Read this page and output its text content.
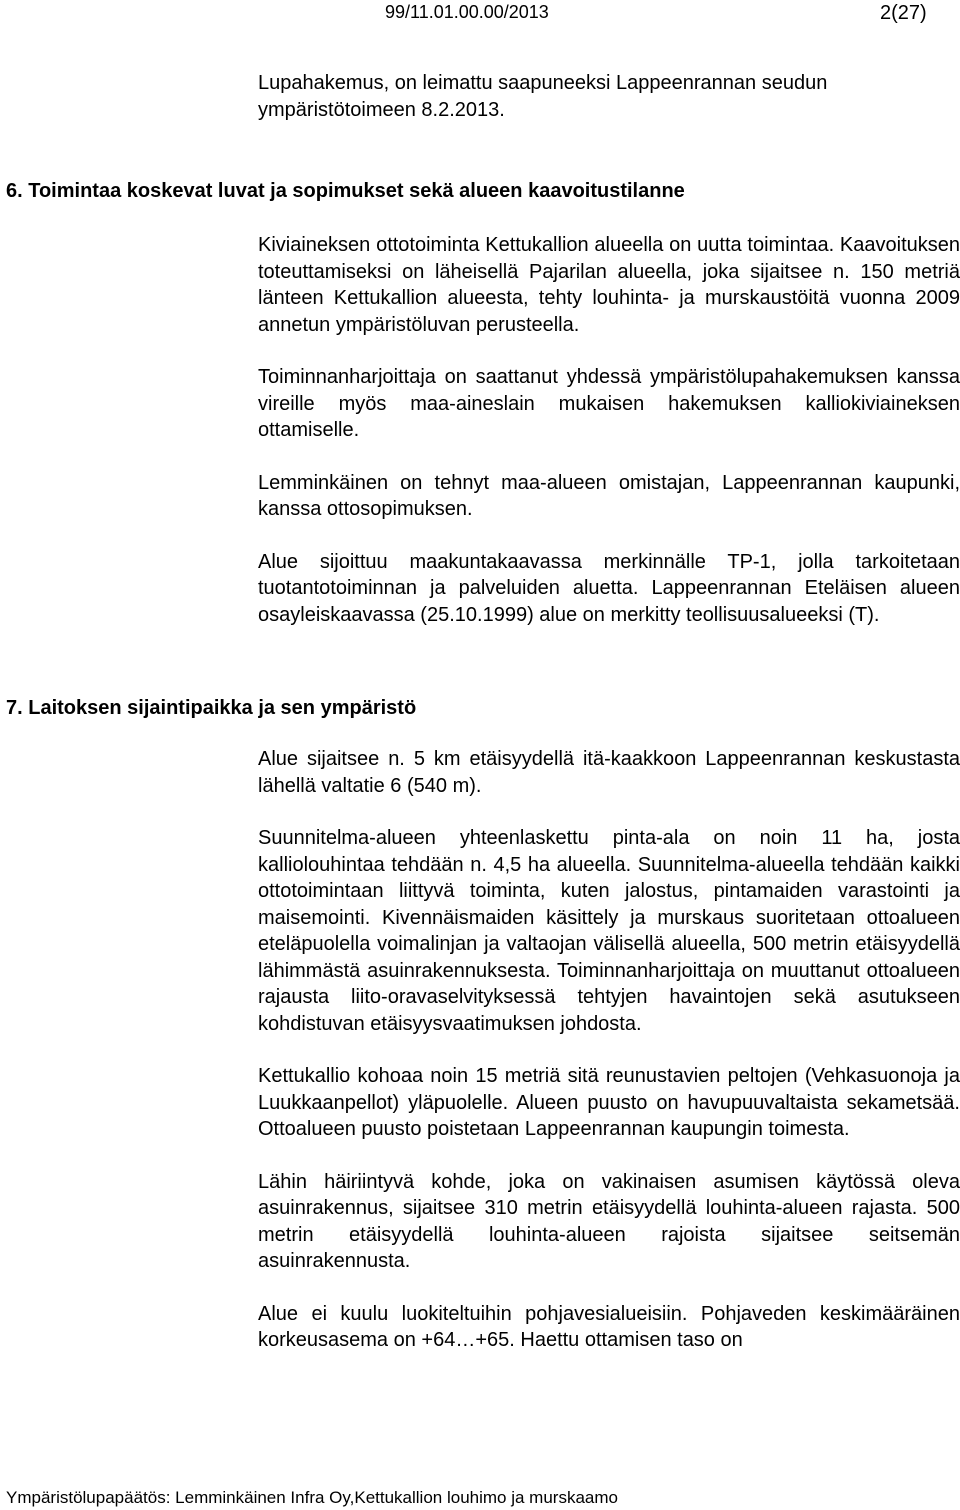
99/11.01.00.00/2013	2(27)
Lupahakemus, on leimattu saapuneeksi Lappeenrannan seudun ympäristötoimeen 8.2.2013.
6. Toimintaa koskevat luvat ja sopimukset sekä alueen kaavoitustilanne

Kiviaineksen ottotoiminta Kettukallion alueella on uutta toimintaa. Kaavoituksen toteuttamiseksi on läheisellä Pajarilan alueella, joka sijaitsee n. 150 metriä länteen Kettukallion alueesta, tehty louhinta- ja murskaustöitä vuonna 2009 annetun ympäristöluvan perusteella.

Toiminnanharjoittaja on saattanut yhdessä ympäristölupahakemuksen kanssa vireille myös maa-aineslain mukaisen hakemuksen kalliokiviaineksen ottamiselle.

Lemminkäinen on tehnyt maa-alueen omistajan, Lappeenrannan kaupunki, kanssa ottosopimuksen.

Alue sijoittuu maakuntakaavassa merkinnälle TP-1, jolla tarkoitetaan tuotantotoiminnan ja palveluiden aluetta. Lappeenrannan Eteläisen alueen osayleiskaavassa (25.10.1999) alue on merkitty teollisuusalueeksi (T).

7. Laitoksen sijaintipaikka ja sen ympäristö

Alue sijaitsee n. 5 km etäisyydellä itä-kaakkoon Lappeenrannan keskustasta lähellä valtatie 6 (540 m).

Suunnitelma-alueen yhteenlaskettu pinta-ala on noin 11 ha, josta kalliolouhintaa tehdään n. 4,5 ha alueella. Suunnitelma-alueella tehdään kaikki ottotoimintaan liittyvä toiminta, kuten jalostus, pintamaiden varastointi ja maisemointi. Kivennäismaiden käsittely ja murskaus suoritetaan ottoalueen eteläpuolella voimalinjan ja valtaojan välisellä alueella, 500 metrin etäisyydellä lähimmästä asuinrakennuksesta. Toiminnanharjoittaja on muuttanut ottoalueen rajausta liito-oravaselvityksessä tehtyjen havaintojen sekä asutukseen kohdistuvan etäisyysvaatimuksen johdosta.

Kettukallio kohoaa noin 15 metriä sitä reunustavien peltojen (Vehkasuonoja ja Luukkaanpellot) yläpuolelle. Alueen puusto on havupuuvaltaista sekametsää. Ottoalueen puusto poistetaan Lappeenrannan kaupungin toimesta.

Lähin häiriintyvä kohde, joka on vakinaisen asumisen käytössä oleva asuinrakennus, sijaitsee 310 metrin etäisyydellä louhinta-alueen rajasta. 500 metrin etäisyydellä louhinta-alueen rajoista sijaitsee seitsemän asuinrakennusta.

Alue ei kuulu luokiteltuihin pohjavesialueisiin. Pohjaveden keskimääräinen korkeusasema on +64…+65. Haettu ottamisen taso on

Ympäristölupapäätös: Lemminkäinen Infra Oy,Kettukallion louhimo ja murskaamo
